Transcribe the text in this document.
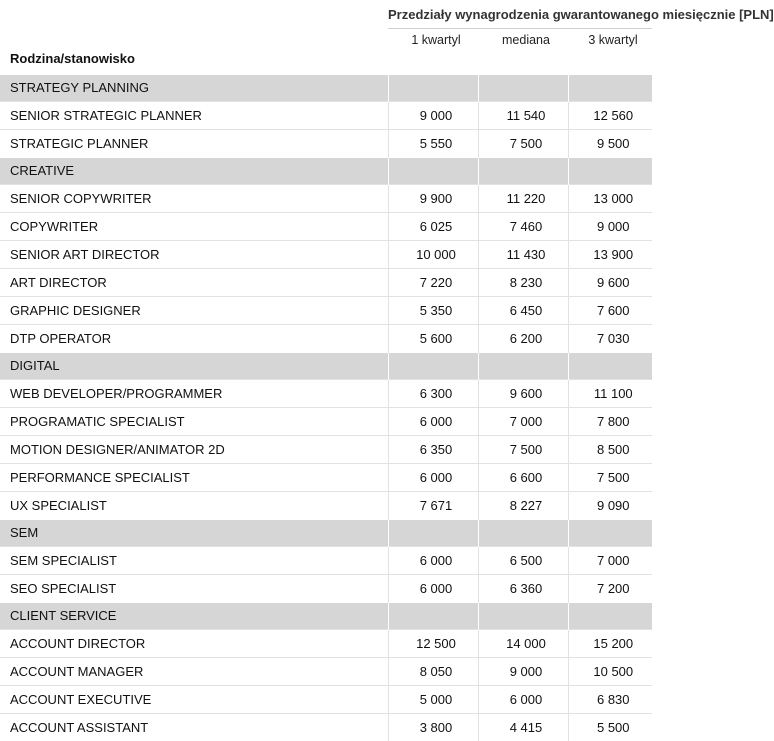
	Przedziały wynagrodzenia gwarantowanego miesięcznie [PLN]		
Rodzina/stanowisko	1 kwartyl	mediana	3 kwartyl
STRATEGY PLANNING			
SENIOR STRATEGIC PLANNER	9 000	11 540	12 560
STRATEGIC PLANNER	5 550	7 500	9 500
CREATIVE			
SENIOR COPYWRITER	9 900	11 220	13 000
COPYWRITER	6 025	7 460	9 000
SENIOR ART DIRECTOR	10 000	11 430	13 900
ART DIRECTOR	7 220	8 230	9 600
GRAPHIC DESIGNER	5 350	6 450	7 600
DTP OPERATOR	5 600	6 200	7 030
DIGITAL			
WEB DEVELOPER/PROGRAMMER	6 300	9 600	11 100
PROGRAMATIC SPECIALIST	6 000	7 000	7 800
MOTION DESIGNER/ANIMATOR 2D	6 350	7 500	8 500
PERFORMANCE SPECIALIST	6 000	6 600	7 500
UX SPECIALIST	7 671	8 227	9 090
SEM			
SEM SPECIALIST	6 000	6 500	7 000
SEO SPECIALIST	6 000	6 360	7 200
CLIENT SERVICE			
ACCOUNT DIRECTOR	12 500	14 000	15 200
ACCOUNT MANAGER	8 050	9 000	10 500
ACCOUNT EXECUTIVE	5 000	6 000	6 830
ACCOUNT ASSISTANT	3 800	4 415	5 500
